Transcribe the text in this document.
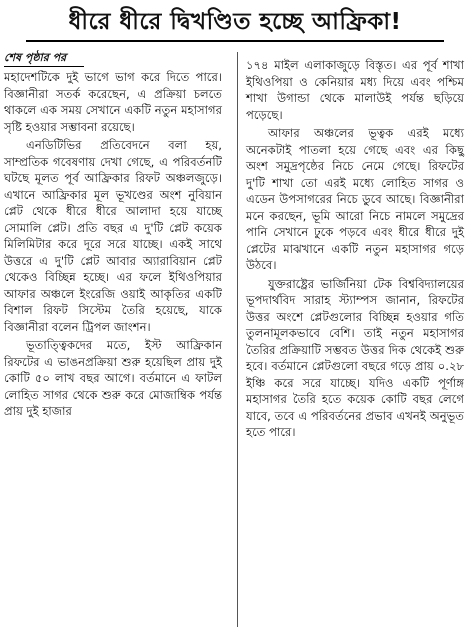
ধীরে ধীরে দ্বিখণ্ডিত হচ্ছে আফ্রিকা!
শেষ পৃষ্ঠার পর

মহাদেশটিকে দুই ভাগে ভাগ করে দিতে পারে। বিজ্ঞানীরা সতর্ক করেছেন, এ প্রক্রিয়া চলতে থাকলে এক সময় সেখানে একটি নতুন মহাসাগর সৃষ্টি হওয়ার সম্ভাবনা রয়েছে।

এনডিটিভির প্রতিবেদনে বলা হয়, সাম্প্রতিক গবেষণায় দেখা গেছে, এ পরিবর্তনটি ঘটছে মূলত পূর্ব আফ্রিকার রিফট অঞ্চলজুড়ে। এখানে আফ্রিকার মূল ভূখণ্ডের অংশ নুবিয়ান প্লেট থেকে ধীরে ধীরে আলাদা হয়ে যাচ্ছে সোমালি প্লেট। প্রতি বছর এ দু'টি প্লেট কয়েক মিলিমিটার করে দূরে সরে যাচ্ছে। একই সাথে উত্তরে এ দু'টি প্লেট আবার অ্যারাবিয়ান প্লেট থেকেও বিচ্ছিন্ন হচ্ছে। এর ফলে ইথিওপিয়ার আফার অঞ্চলে ইংরেজি ওয়াই আকৃতির একটি বিশাল রিফট সিস্টেম তৈরি হয়েছে, যাকে বিজ্ঞানীরা বলেন ট্রিপল জাংশন।

ভূতাত্ত্বিকদের মতে, ইস্ট আফ্রিকান রিফটের এ ভাঙনপ্রক্রিয়া শুরু হয়েছিল প্রায় দুই কোটি ৫০ লাখ বছর আগে। বর্তমানে এ ফাটল লোহিত সাগর থেকে শুরু করে মোজাম্বিক পর্যন্ত প্রায় দুই হাজার

১৭৪ মাইল এলাকাজুড়ে বিস্তৃত। এর পূর্ব শাখা ইথিওপিয়া ও কেনিয়ার মধ্য দিয়ে এবং পশ্চিম শাখা উগান্ডা থেকে মালাউই পর্যন্ত ছড়িয়ে পড়েছে।

আফার অঞ্চলের ভূত্বক এরই মধ্যে অনেকটাই পাতলা হয়ে গেছে এবং এর কিছু অংশ সমুদ্রপৃষ্ঠের নিচে নেমে গেছে। রিফটের দু'টি শাখা তো এরই মধ্যে লোহিত সাগর ও এডেন উপসাগরের নিচে ডুবে আছে। বিজ্ঞানীরা মনে করছেন, ভূমি আরো নিচে নামলে সমুদ্রের পানি সেখানে ঢুকে পড়বে এবং ধীরে ধীরে দুই প্লেটের মাঝখানে একটি নতুন মহাসাগর গড়ে উঠবে।

যুক্তরাষ্ট্রের ভার্জিনিয়া টেক বিশ্ববিদ্যালয়ের ভূপদার্থবিদ সারাহ স্ট্যাম্পস জানান, রিফটের উত্তর অংশে প্লেটগুলোর বিচ্ছিন্ন হওয়ার গতি তুলনামূলকভাবে বেশি। তাই নতুন মহাসাগর তৈরির প্রক্রিয়াটি সম্ভবত উত্তর দিক থেকেই শুরু হবে। বর্তমানে প্লেটগুলো বছরে গড়ে প্রায় ০.২৮ ইঞ্চি করে সরে যাচ্ছে। যদিও একটি পূর্ণাঙ্গ মহাসাগর তৈরি হতে কয়েক কোটি বছর লেগে যাবে, তবে এ পরিবর্তনের প্রভাব এখনই অনুভূত হতে পারে।
